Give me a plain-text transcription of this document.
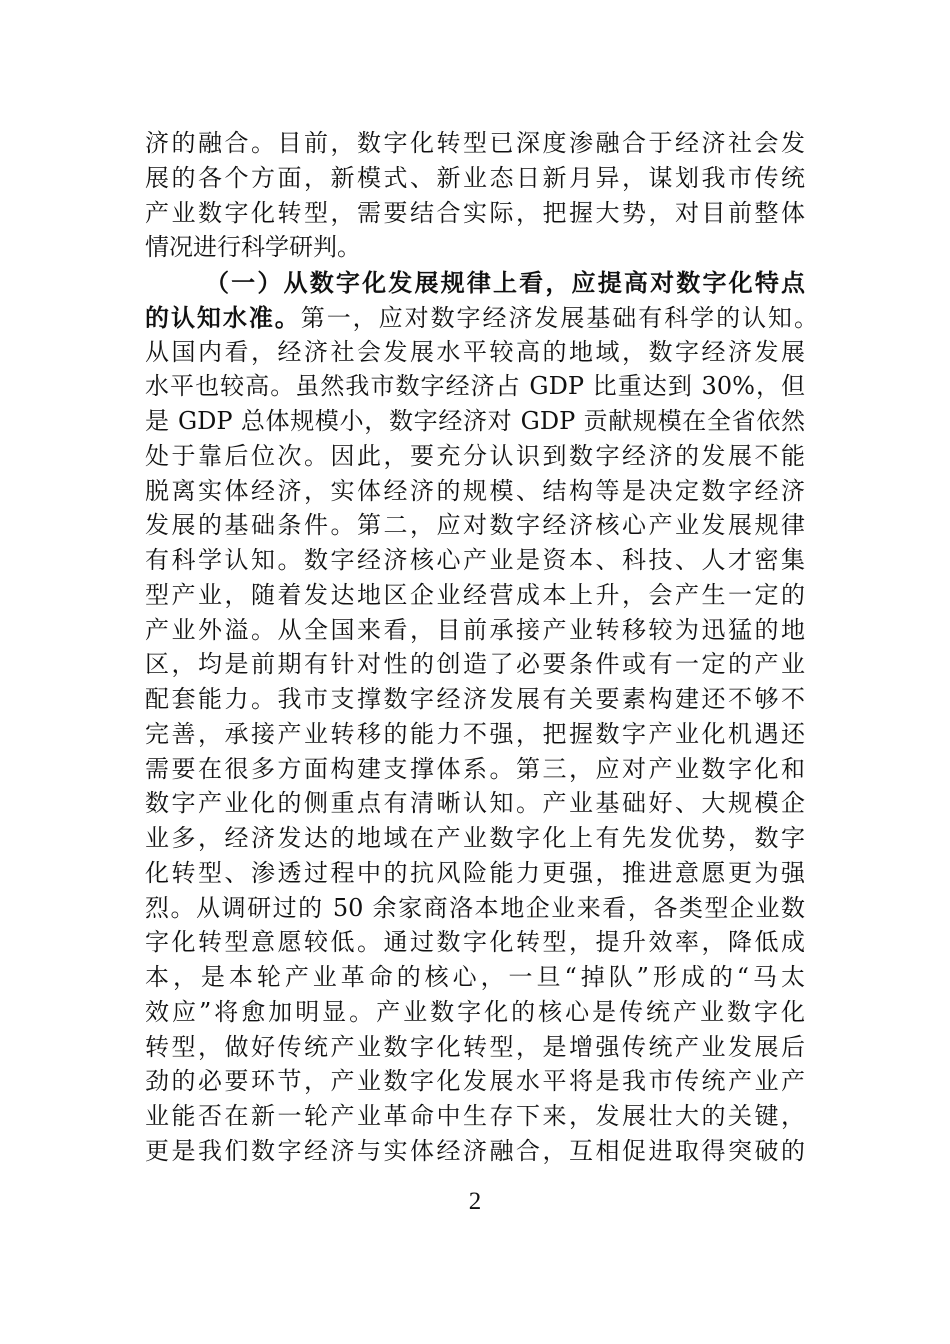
济的融合。目前，数字化转型已深度渗融合于经济社会发
展的各个方面，新模式、新业态日新月异，谋划我市传统
产业数字化转型，需要结合实际，把握大势，对目前整体
情况进行科学研判。
（一）从数字化发展规律上看，应提高对数字化特点
的认知水准。第一，应对数字经济发展基础有科学的认知。
从国内看，经济社会发展水平较高的地域，数字经济发展
水平也较高。虽然我市数字经济占 GDP 比重达到 30%，但
是 GDP 总体规模小，数字经济对 GDP 贡献规模在全省依然
处于靠后位次。因此，要充分认识到数字经济的发展不能
脱离实体经济，实体经济的规模、结构等是决定数字经济
发展的基础条件。第二，应对数字经济核心产业发展规律
有科学认知。数字经济核心产业是资本、科技、人才密集
型产业，随着发达地区企业经营成本上升，会产生一定的
产业外溢。从全国来看，目前承接产业转移较为迅猛的地
区，均是前期有针对性的创造了必要条件或有一定的产业
配套能力。我市支撑数字经济发展有关要素构建还不够不
完善，承接产业转移的能力不强，把握数字产业化机遇还
需要在很多方面构建支撑体系。第三，应对产业数字化和
数字产业化的侧重点有清晰认知。产业基础好、大规模企
业多，经济发达的地域在产业数字化上有先发优势，数字
化转型、渗透过程中的抗风险能力更强，推进意愿更为强
烈。从调研过的 50 余家商洛本地企业来看，各类型企业数
字化转型意愿较低。通过数字化转型，提升效率，降低成
本，是本轮产业革命的核心，一旦“掉队”形成的“马太
效应”将愈加明显。产业数字化的核心是传统产业数字化
转型，做好传统产业数字化转型，是增强传统产业发展后
劲的必要环节，产业数字化发展水平将是我市传统产业产
业能否在新一轮产业革命中生存下来，发展壮大的关键，
更是我们数字经济与实体经济融合，互相促进取得突破的
2
